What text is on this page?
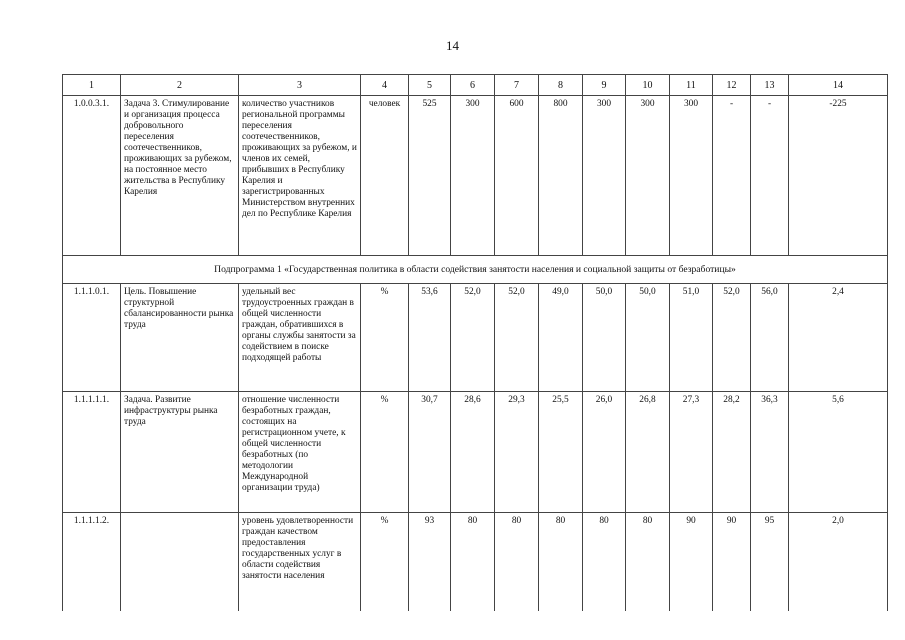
14
1	2	3	4	5	6	7	8	9	10	11	12	13	14
1.0.0.3.1.	Задача 3. Стимулирование и организация процесса добровольного переселения соотечественников, проживающих за рубежом, на постоянное место жительства в Республику Карелия	количество участников региональной программы переселения соотечественников, проживающих за рубежом, и членов их семей, прибывших в Республику Карелия и зарегистрированных Министерством внутренних дел по Республике Карелия	человек	525	300	600	800	300	300	300	-	-	-225
Подпрограмма 1 «Государственная политика в области содействия занятости населения и социальной защиты от безработицы»													
1.1.1.0.1.	Цель. Повышение структурной сбалансированности рынка труда	удельный вес трудоустроенных граждан в общей численности граждан, обратившихся в органы службы занятости за содействием в поиске подходящей работы	%	53,6	52,0	52,0	49,0	50,0	50,0	51,0	52,0	56,0	2,4
1.1.1.1.1.	Задача. Развитие инфраструктуры рынка труда	отношение численности безработных граждан, состоящих на регистрационном учете, к общей численности безработных (по методологии Международной организации труда)	%	30,7	28,6	29,3	25,5	26,0	26,8	27,3	28,2	36,3	5,6
1.1.1.1.2.		уровень удовлетворенности граждан качеством предоставления государственных услуг в области содействия занятости населения	%	93	80	80	80	80	80	90	90	95	2,0
